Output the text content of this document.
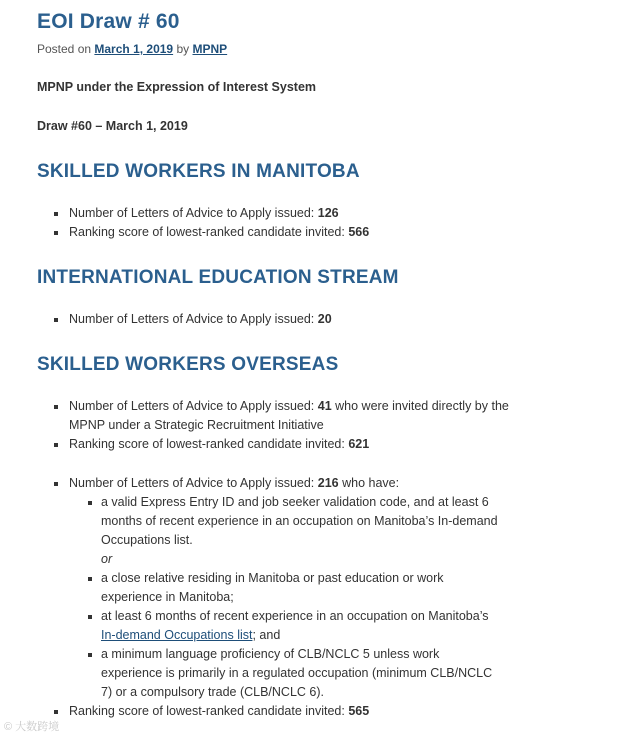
EOI Draw # 60
Posted on March 1, 2019 by MPNP
MPNP under the Expression of Interest System
Draw #60 – March 1, 2019
SKILLED WORKERS IN MANITOBA
Number of Letters of Advice to Apply issued: 126
Ranking score of lowest-ranked candidate invited: 566
INTERNATIONAL EDUCATION STREAM
Number of Letters of Advice to Apply issued: 20
SKILLED WORKERS OVERSEAS
Number of Letters of Advice to Apply issued: 41 who were invited directly by the MPNP under a Strategic Recruitment Initiative
Ranking score of lowest-ranked candidate invited: 621
Number of Letters of Advice to Apply issued: 216 who have:
a valid Express Entry ID and job seeker validation code, and at least 6 months of recent experience in an occupation on Manitoba’s In-demand Occupations list.
or
a close relative residing in Manitoba or past education or work experience in Manitoba;
at least 6 months of recent experience in an occupation on Manitoba’s In-demand Occupations list; and
a minimum language proficiency of CLB/NCLC 5 unless work experience is primarily in a regulated occupation (minimum CLB/NCLC 7) or a compulsory trade (CLB/NCLC 6).
Ranking score of lowest-ranked candidate invited: 565
© 大数跨境
